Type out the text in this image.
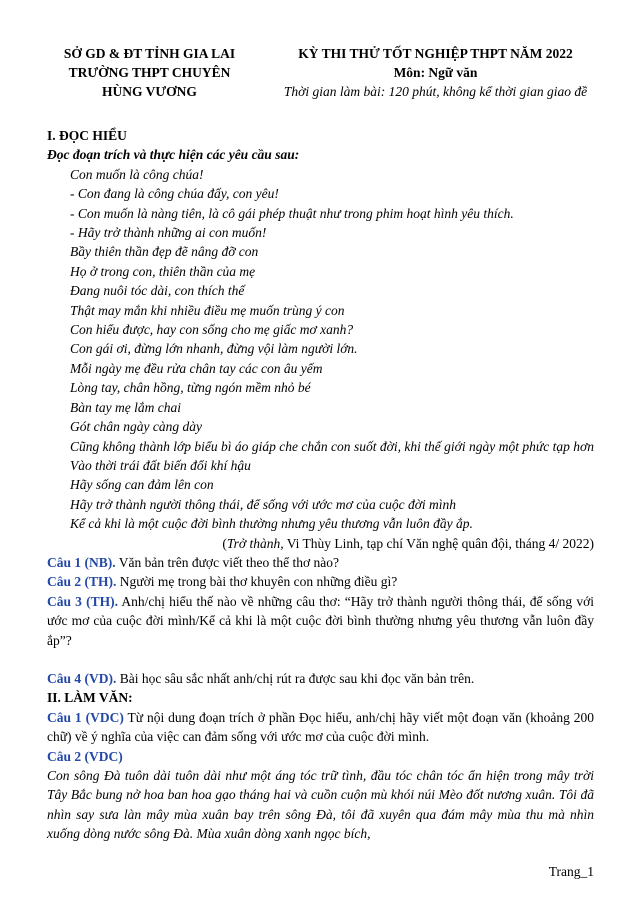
SỞ GD & ĐT TỈNH GIA LAI
TRƯỜNG THPT CHUYÊN
HÙNG VƯƠNG
KỲ THI THỬ TỐT NGHIỆP THPT NĂM 2022
Môn: Ngữ văn
Thời gian làm bài: 120 phút, không kể thời gian giao đề
I. ĐỌC HIỂU
Đọc đoạn trích và thực hiện các yêu cầu sau:
Con muốn là công chúa!
- Con đang là công chúa đấy, con yêu!
- Con muốn là nàng tiên, là cô gái phép thuật như trong phim hoạt hình yêu thích.
- Hãy trở thành những ai con muốn!
Bầy thiên thần đẹp đẽ nâng đỡ con
Họ ở trong con, thiên thần của mẹ
Đang nuôi tóc dài, con thích thế
Thật may mắn khi nhiều điều mẹ muốn trùng ý con
Con hiểu được, hay con sống cho mẹ giấc mơ xanh?
Con gái ơi, đừng lớn nhanh, đừng vội làm người lớn.
Mỗi ngày mẹ đều rửa chân tay các con âu yếm
Lòng tay, chân hồng, từng ngón mềm nhỏ bé
Bàn tay mẹ lắm chai
Gót chân ngày càng dày
Cũng không thành lớp biểu bì áo giáp che chắn con suốt đời, khi thế giới ngày một phức tạp hơn Vào thời trái đất biến đổi khí hậu
Hãy sống can đảm lên con
Hãy trở thành người thông thái, để sống với ước mơ của cuộc đời mình
Kể cả khi là một cuộc đời bình thường nhưng yêu thương vẫn luôn đầy ắp.
(Trở thành, Vi Thùy Linh, tạp chí Văn nghệ quân đội, tháng 4/ 2022)
Câu 1 (NB). Văn bản trên được viết theo thể thơ nào?
Câu 2 (TH). Người mẹ trong bài thơ khuyên con những điều gì?
Câu 3 (TH). Anh/chị hiểu thế nào về những câu thơ: “Hãy trở thành người thông thái, để sống với ước mơ của cuộc đời mình/Kể cả khi là một cuộc đời bình thường nhưng yêu thương vẫn luôn đầy ắp”?
Câu 4 (VD). Bài học sâu sắc nhất anh/chị rút ra được sau khi đọc văn bản trên.
II. LÀM VĂN:
Câu 1 (VDC) Từ nội dung đoạn trích ở phần Đọc hiểu, anh/chị hãy viết một đoạn văn (khoảng 200 chữ) về ý nghĩa của việc can đảm sống với ước mơ của cuộc đời mình.
Câu 2 (VDC)
Con sông Đà tuôn dài tuôn dài như một áng tóc trữ tình, đầu tóc chân tóc ẩn hiện trong mây trời Tây Bắc bung nở hoa ban hoa gạo tháng hai và cuồn cuộn mù khói núi Mèo đốt nương xuân. Tôi đã nhìn say sưa làn mây mùa xuân bay trên sông Đà, tôi đã xuyên qua đám mây mùa thu mà nhìn xuống dòng nước sông Đà. Mùa xuân dòng xanh ngọc bích,
Trang_1
